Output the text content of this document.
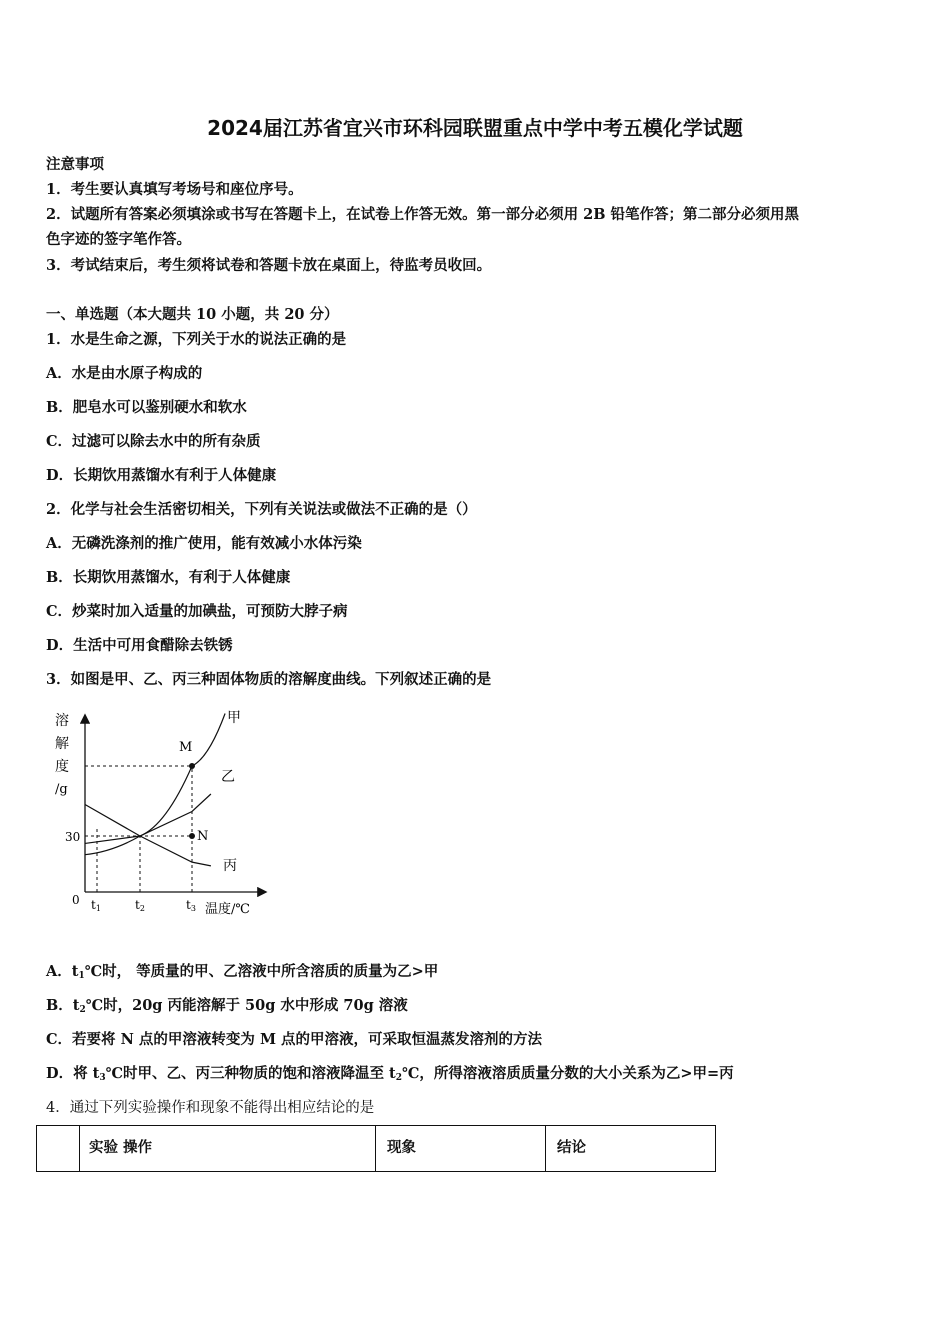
2024届江苏省宜兴市环科园联盟重点中学中考五模化学试题
注意事项
1．考生要认真填写考场号和座位序号。
2．试题所有答案必须填涂或书写在答题卡上，在试卷上作答无效。第一部分必须用 2B 铅笔作答；第二部分必须用黑
色字迹的签字笔作答。
3．考试结束后，考生须将试卷和答题卡放在桌面上，待监考员收回。
一、单选题（本大题共 10 小题，共 20 分）
1．水是生命之源，下列关于水的说法正确的是
A．水是由水原子构成的
B．肥皂水可以鉴别硬水和软水
C．过滤可以除去水中的所有杂质
D．长期饮用蒸馏水有利于人体健康
2．化学与社会生活密切相关，下列有关说法或做法不正确的是（）
A．无磷洗涤剂的推广使用，能有效减小水体污染
B．长期饮用蒸馏水，有利于人体健康
C．炒菜时加入适量的加碘盐，可预防大脖子病
D．生活中可用食醋除去铁锈
3．如图是甲、乙、丙三种固体物质的溶解度曲线。下列叙述正确的是
溶
解
度
/g
30
0 t1	t2	t3 温度/℃
甲
乙
丙
M
N
A．t1℃时， 等质量的甲、乙溶液中所含溶质的质量为乙>甲
B．t2℃时，20g 丙能溶解于 50g 水中形成 70g 溶液
C．若要将 N 点的甲溶液转变为 M 点的甲溶液，可采取恒温蒸发溶剂的方法
D．将 t3℃时甲、乙、丙三种物质的饱和溶液降温至 t2℃，所得溶液溶质质量分数的大小关系为乙>甲=丙
4．通过下列实验操作和现象不能得出相应结论的是
实验 操作	现象	结论
